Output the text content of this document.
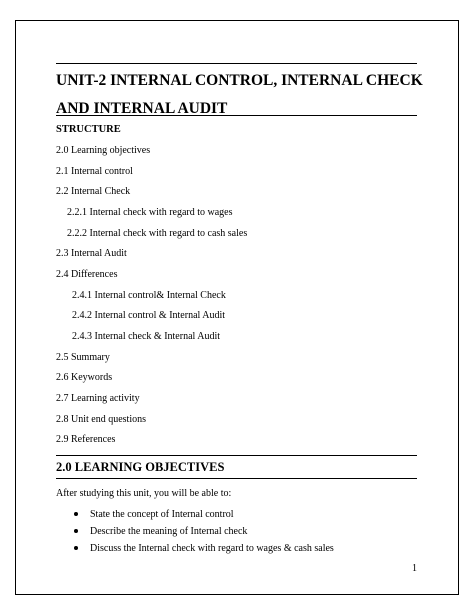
UNIT-2 INTERNAL CONTROL, INTERNAL CHECK
AND INTERNAL AUDIT
STRUCTURE
2.0 Learning objectives
2.1 Internal control
2.2 Internal Check
2.2.1 Internal check with regard to wages
2.2.2 Internal check with regard to cash sales
2.3 Internal Audit
2.4 Differences
2.4.1 Internal control& Internal Check
2.4.2 Internal control & Internal Audit
2.4.3 Internal check & Internal Audit
2.5 Summary
2.6 Keywords
2.7 Learning activity
2.8 Unit end questions
2.9 References
2.0 LEARNING OBJECTIVES
After studying this unit, you will be able to:
State the concept of Internal control
Describe the meaning of Internal check
Discuss the Internal check with regard to wages & cash sales
1
